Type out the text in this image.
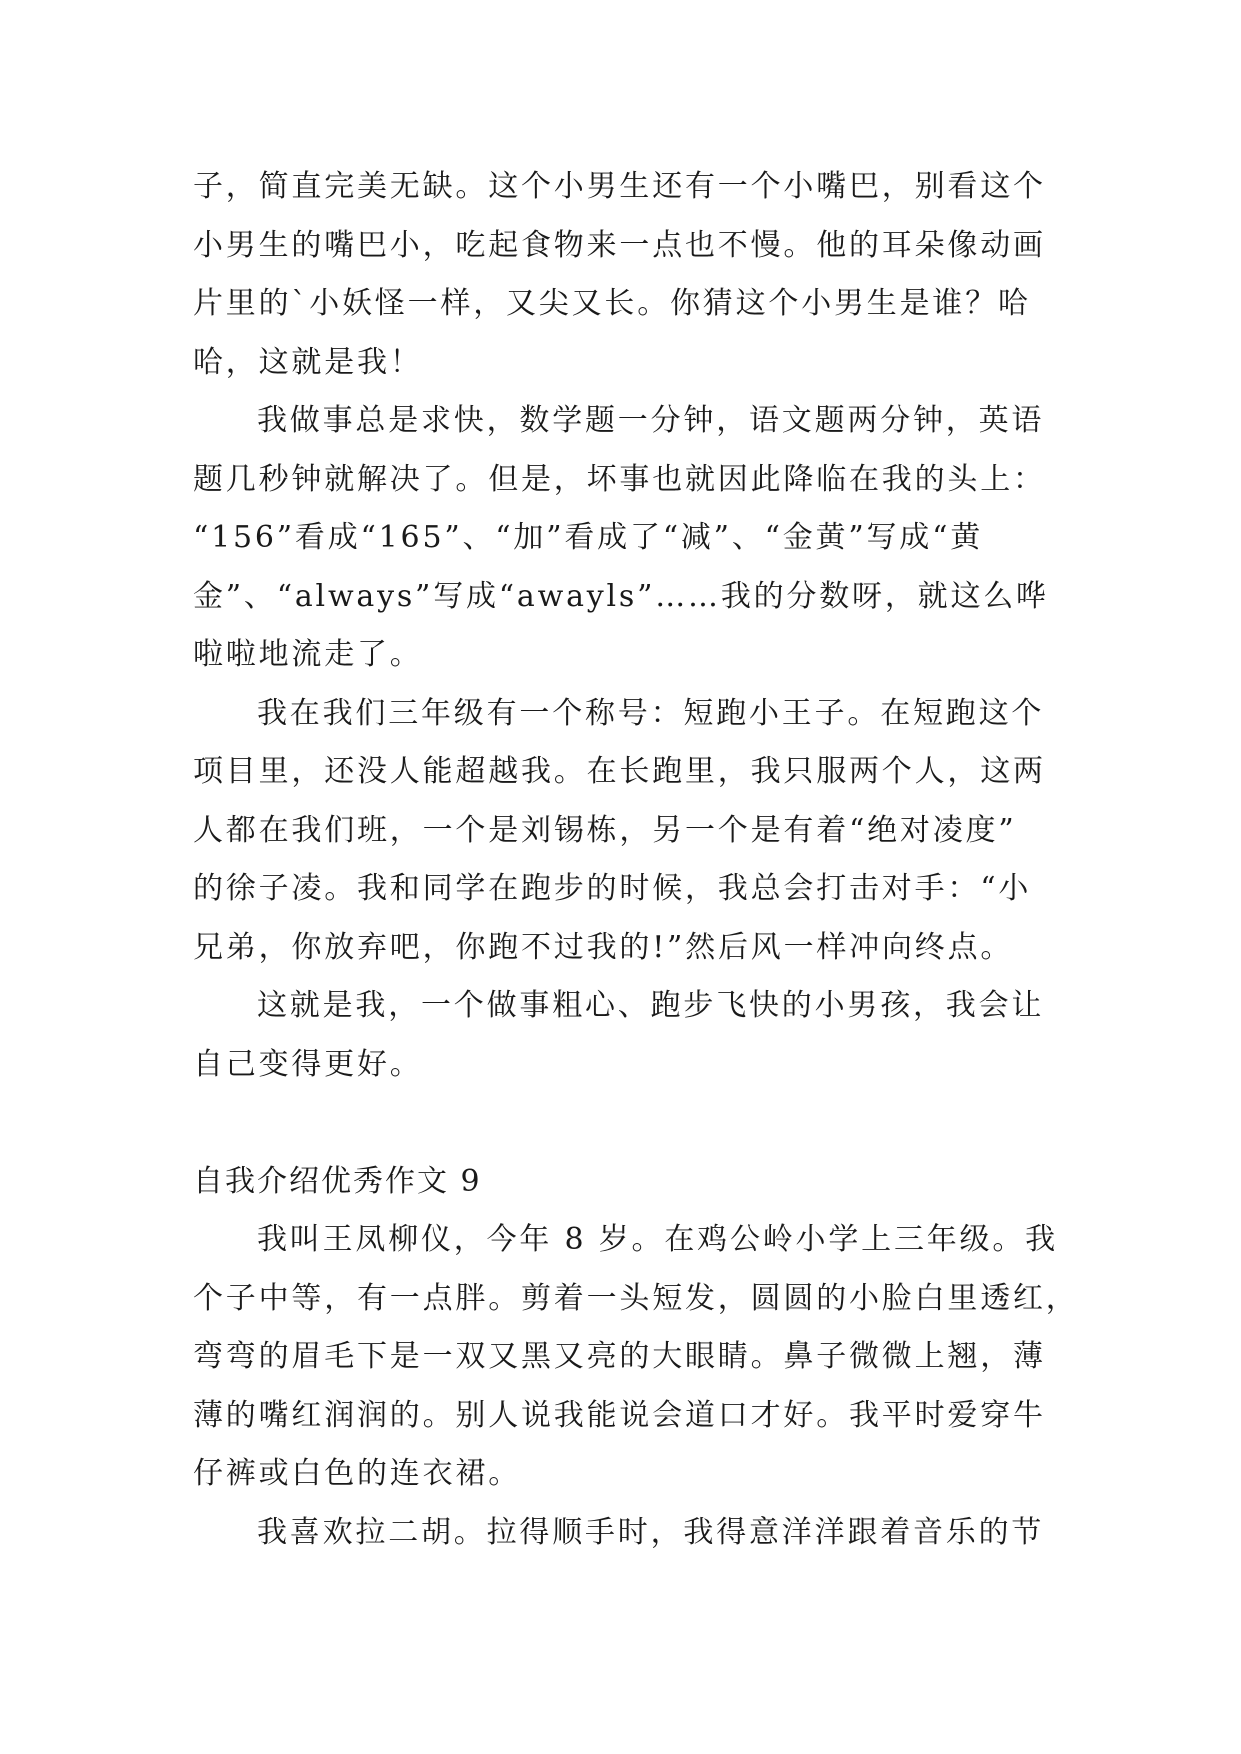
子，简直完美无缺。这个小男生还有一个小嘴巴，别看这个
小男生的嘴巴小，吃起食物来一点也不慢。他的耳朵像动画
片里的`小妖怪一样，又尖又长。你猜这个小男生是谁？哈
哈，这就是我！
我做事总是求快，数学题一分钟，语文题两分钟，英语
题几秒钟就解决了。但是，坏事也就因此降临在我的头上：
“156”看成“165”、“加”看成了“减”、“金黄”写成“黄
金”、“always”写成“awayls”……我的分数呀，就这么哗
啦啦地流走了。
我在我们三年级有一个称号：短跑小王子。在短跑这个
项目里，还没人能超越我。在长跑里，我只服两个人，这两
人都在我们班，一个是刘锡栋，另一个是有着“绝对凌度”
的徐子凌。我和同学在跑步的时候，我总会打击对手：“小
兄弟，你放弃吧，你跑不过我的!”然后风一样冲向终点。
这就是我，一个做事粗心、跑步飞快的小男孩，我会让
自己变得更好。
自我介绍优秀作文 9
我叫王凤柳仪，今年 8 岁。在鸡公岭小学上三年级。我
个子中等，有一点胖。剪着一头短发，圆圆的小脸白里透红，
弯弯的眉毛下是一双又黑又亮的大眼睛。鼻子微微上翘，薄
薄的嘴红润润的。别人说我能说会道口才好。我平时爱穿牛
仔裤或白色的连衣裙。
我喜欢拉二胡。拉得顺手时，我得意洋洋跟着音乐的节
